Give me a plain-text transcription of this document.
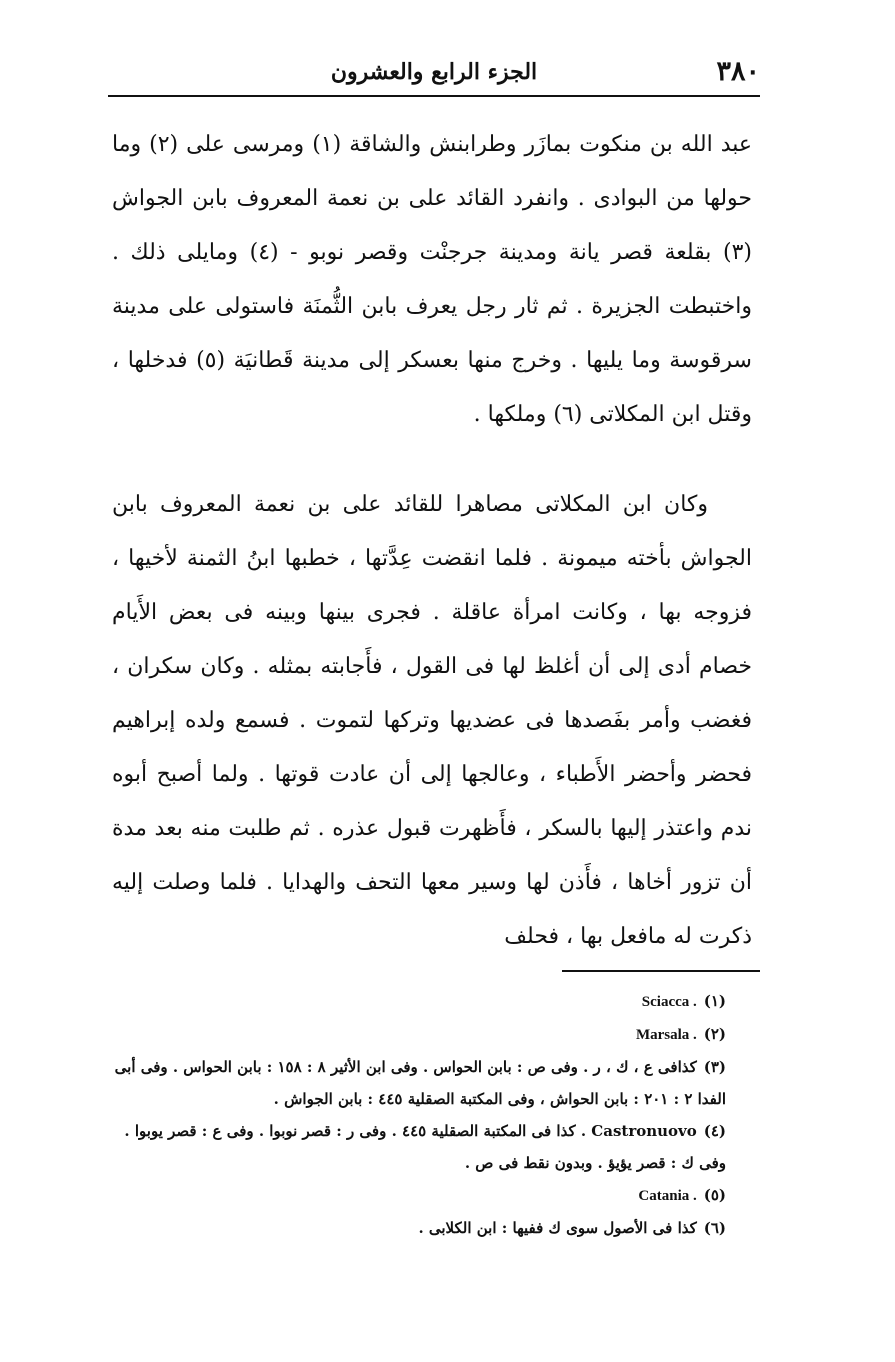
٣٨٠
الجزء الرابع والعشرون

عبد الله بن منكوت بمازَر وطرابنش والشاقة (١) ومرسى على (٢) وما حولها من البوادى . وانفرد القائد على بن نعمة المعروف بابن الجواش (٣) بقلعة قصر يانة ومدينة جرجنْت وقصر نوبو - (٤) ومايلى ذلك . واختبطت الجزيرة . ثم ثار رجل يعرف بابن الثُّمنَة فاستولى على مدينة سرقوسة وما يليها . وخرج منها بعسكر إلى مدينة قَطانيَة (٥) فدخلها ، وقتل ابن المكلاتى (٦) وملكها .

وكان ابن المكلاتى مصاهرا للقائد على بن نعمة المعروف بابن الجواش بأخته ميمونة . فلما انقضت عِدَّتها ، خطبها ابنُ الثمنة لأخيها ، فزوجه بها ، وكانت امرأة عاقلة . فجرى بينها وبينه فى بعض الأَيام خصام أدى إلى أن أغلظ لها فى القول ، فأَجابته بمثله . وكان سكران ، فغضب وأمر بفَصدها فى عضديها وتركها لتموت . فسمع ولده إبراهيم فحضر وأحضر الأَطباء ، وعالجها إلى أن عادت قوتها . ولما أصبح أبوه ندم واعتذر إليها بالسكر ، فأَظهرت قبول عذره . ثم طلبت منه بعد مدة أن تزور أخاها ، فأَذن لها وسير معها التحف والهدايا . فلما وصلت إليه ذكرت له مافعل بها ، فحلف

(١) Sciacca .

(٢) Marsala .

(٣) كذافى ع ، ك ، ر . وفى ص : بابن الحواس . وفى ابن الأثير ٨ : ١٥٨ : بابن الحواس . وفى أبى الفدا ٢ : ٢٠١ : بابن الحواش ، وفى المكتبة الصقلية ٤٤٥ : بابن الجواش .

(٤) Castronuovo . كذا فى المكتبة الصقلية ٤٤٥ . وفى ر : قصر نوبوا . وفى ع : قصر يوبوا . وفى ك : قصر يؤيؤ . وبدون نقط فى ص .

(٥) Catania .

(٦) كذا فى الأصول سوى ك ففيها : ابن الكلابى .
